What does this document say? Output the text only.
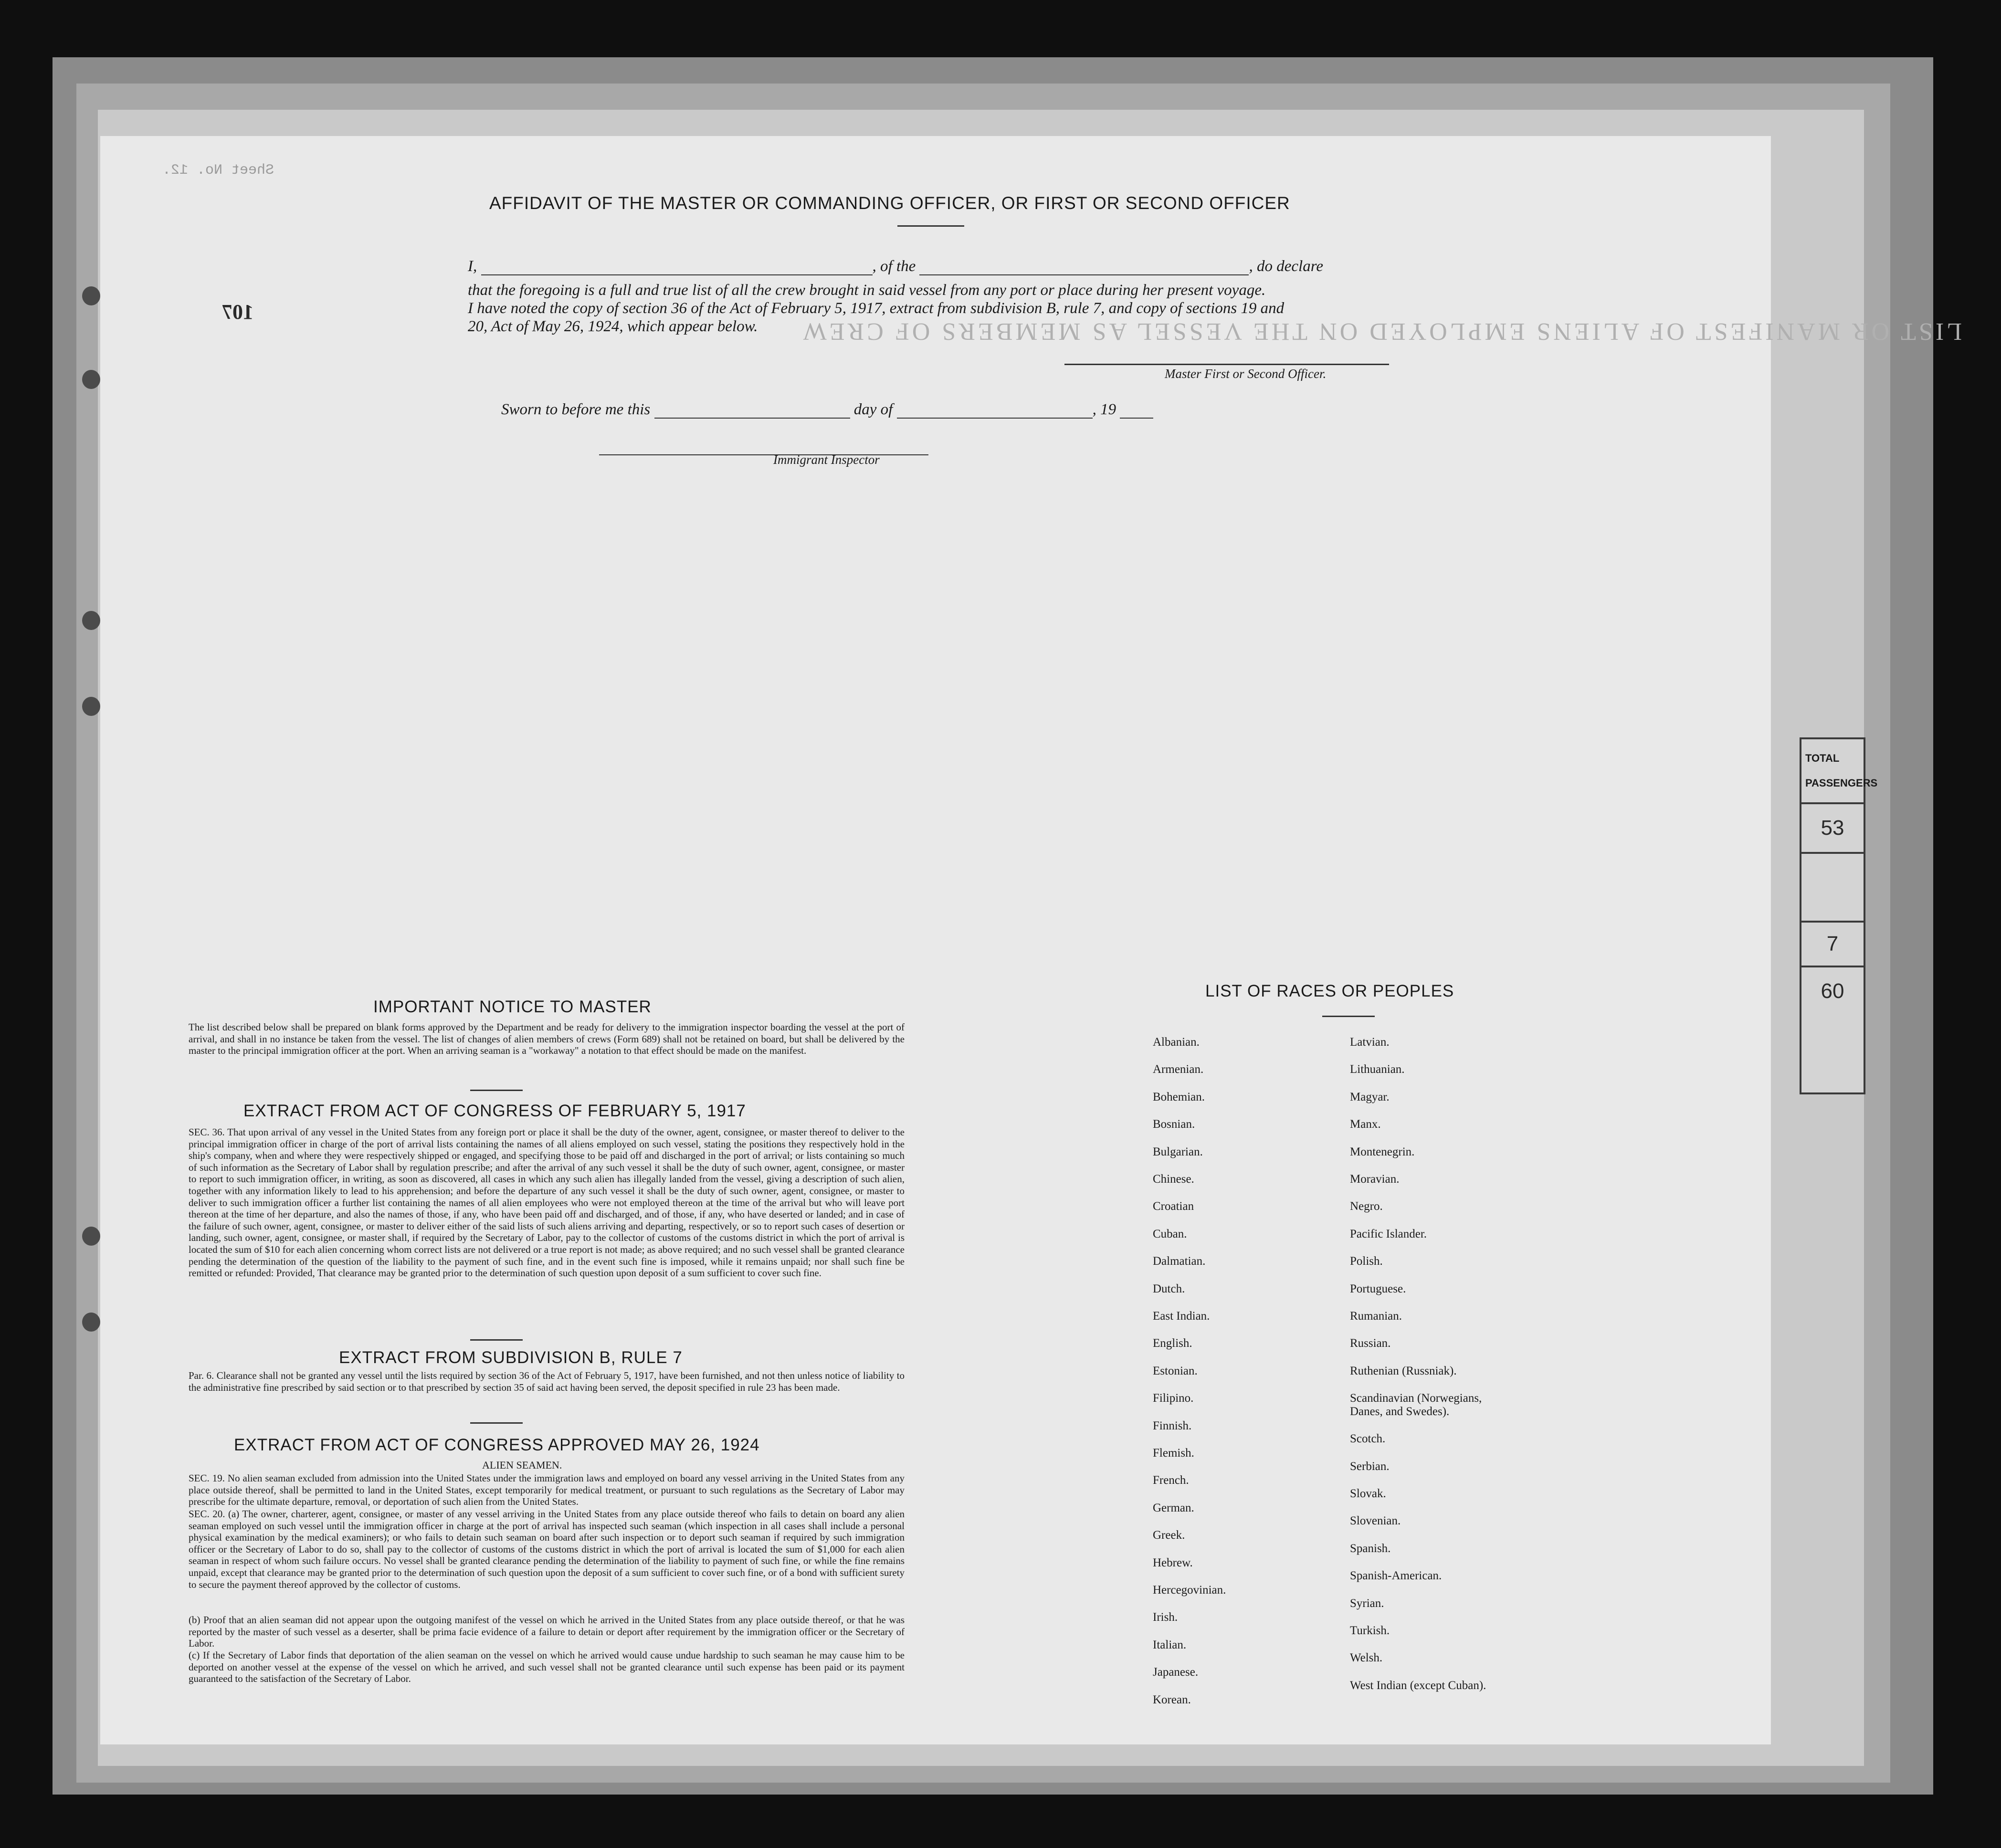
TOTAL PASSENGERS
53
7
60
LIST OR MANIFEST OF ALIENS EMPLOYED ON THE VESSEL AS MEMBERS OF CREW
Sheet No. 12.
107
AFFIDAVIT OF THE MASTER OR COMMANDING OFFICER, OR FIRST OR SECOND OFFICER
I,	, of the	, do declare
that the foregoing is a full and true list of all the crew brought in said vessel from any port or place during her present voyage.
I have noted the copy of section 36 of the Act of February 5, 1917, extract from subdivision B, rule 7, and copy of sections 19 and
20, Act of May 26, 1924, which appear below.
Master First or Second Officer.
Sworn to before me this	day of	, 19
Immigrant Inspector
IMPORTANT NOTICE TO MASTER
The list described below shall be prepared on blank forms approved by the Department and be ready for delivery to the immigration inspector boarding the vessel at the port of arrival, and shall in no instance be taken from the vessel. The list of changes of alien members of crews (Form 689) shall not be retained on board, but shall be delivered by the master to the principal immigration officer at the port. When an arriving seaman is a "workaway" a notation to that effect should be made on the manifest.
EXTRACT FROM ACT OF CONGRESS OF FEBRUARY 5, 1917
SEC. 36. That upon arrival of any vessel in the United States from any foreign port or place it shall be the duty of the owner, agent, consignee, or master thereof to deliver to the principal immigration officer in charge of the port of arrival lists containing the names of all aliens employed on such vessel, stating the positions they respectively hold in the ship's company, when and where they were respectively shipped or engaged, and specifying those to be paid off and discharged in the port of arrival; or lists containing so much of such information as the Secretary of Labor shall by regulation prescribe; and after the arrival of any such vessel it shall be the duty of such owner, agent, consignee, or master to report to such immigration officer, in writing, as soon as discovered, all cases in which any such alien has illegally landed from the vessel, giving a description of such alien, together with any information likely to lead to his apprehension; and before the departure of any such vessel it shall be the duty of such owner, agent, consignee, or master to deliver to such immigration officer a further list containing the names of all alien employees who were not employed thereon at the time of the arrival but who will leave port thereon at the time of her departure, and also the names of those, if any, who have been paid off and discharged, and of those, if any, who have deserted or landed; and in case of the failure of such owner, agent, consignee, or master to deliver either of the said lists of such aliens arriving and departing, respectively, or so to report such cases of desertion or landing, such owner, agent, consignee, or master shall, if required by the Secretary of Labor, pay to the collector of customs of the customs district in which the port of arrival is located the sum of $10 for each alien concerning whom correct lists are not delivered or a true report is not made; as above required; and no such vessel shall be granted clearance pending the determination of the question of the liability to the payment of such fine, and in the event such fine is imposed, while it remains unpaid; nor shall such fine be remitted or refunded: Provided, That clearance may be granted prior to the determination of such question upon deposit of a sum sufficient to cover such fine.
EXTRACT FROM SUBDIVISION B, RULE 7
Par. 6. Clearance shall not be granted any vessel until the lists required by section 36 of the Act of February 5, 1917, have been furnished, and not then unless notice of liability to the administrative fine prescribed by said section or to that prescribed by section 35 of said act having been served, the deposit specified in rule 23 has been made.
EXTRACT FROM ACT OF CONGRESS APPROVED MAY 26, 1924
ALIEN SEAMEN.
SEC. 19. No alien seaman excluded from admission into the United States under the immigration laws and employed on board any vessel arriving in the United States from any place outside thereof, shall be permitted to land in the United States, except temporarily for medical treatment, or pursuant to such regulations as the Secretary of Labor may prescribe for the ultimate departure, removal, or deportation of such alien from the United States.
SEC. 20. (a) The owner, charterer, agent, consignee, or master of any vessel arriving in the United States from any place outside thereof who fails to detain on board any alien seaman employed on such vessel until the immigration officer in charge at the port of arrival has inspected such seaman (which inspection in all cases shall include a personal physical examination by the medical examiners); or who fails to detain such seaman on board after such inspection or to deport such seaman if required by such immigration officer or the Secretary of Labor to do so, shall pay to the collector of customs of the customs district in which the port of arrival is located the sum of $1,000 for each alien seaman in respect of whom such failure occurs. No vessel shall be granted clearance pending the determination of the liability to payment of such fine, or while the fine remains unpaid, except that clearance may be granted prior to the determination of such question upon the deposit of a sum sufficient to cover such fine, or of a bond with sufficient surety to secure the payment thereof approved by the collector of customs.
(b) Proof that an alien seaman did not appear upon the outgoing manifest of the vessel on which he arrived in the United States from any place outside thereof, or that he was reported by the master of such vessel as a deserter, shall be prima facie evidence of a failure to detain or deport after requirement by the immigration officer or the Secretary of Labor.
(c) If the Secretary of Labor finds that deportation of the alien seaman on the vessel on which he arrived would cause undue hardship to such seaman he may cause him to be deported on another vessel at the expense of the vessel on which he arrived, and such vessel shall not be granted clearance until such expense has been paid or its payment guaranteed to the satisfaction of the Secretary of Labor.
LIST OF RACES OR PEOPLES
Albanian.
Armenian.
Bohemian.
Bosnian.
Bulgarian.
Chinese.
Croatian
Cuban.
Dalmatian.
Dutch.
East Indian.
English.
Estonian.
Filipino.
Finnish.
Flemish.
French.
German.
Greek.
Hebrew.
Hercegovinian.
Irish.
Italian.
Japanese.
Korean.
Latvian.
Lithuanian.
Magyar.
Manx.
Montenegrin.
Moravian.
Negro.
Pacific Islander.
Polish.
Portuguese.
Rumanian.
Russian.
Ruthenian (Russniak).
Scandinavian (Norwegians, Danes, and Swedes).
Scotch.
Serbian.
Slovak.
Slovenian.
Spanish.
Spanish-American.
Syrian.
Turkish.
Welsh.
West Indian (except Cuban).
